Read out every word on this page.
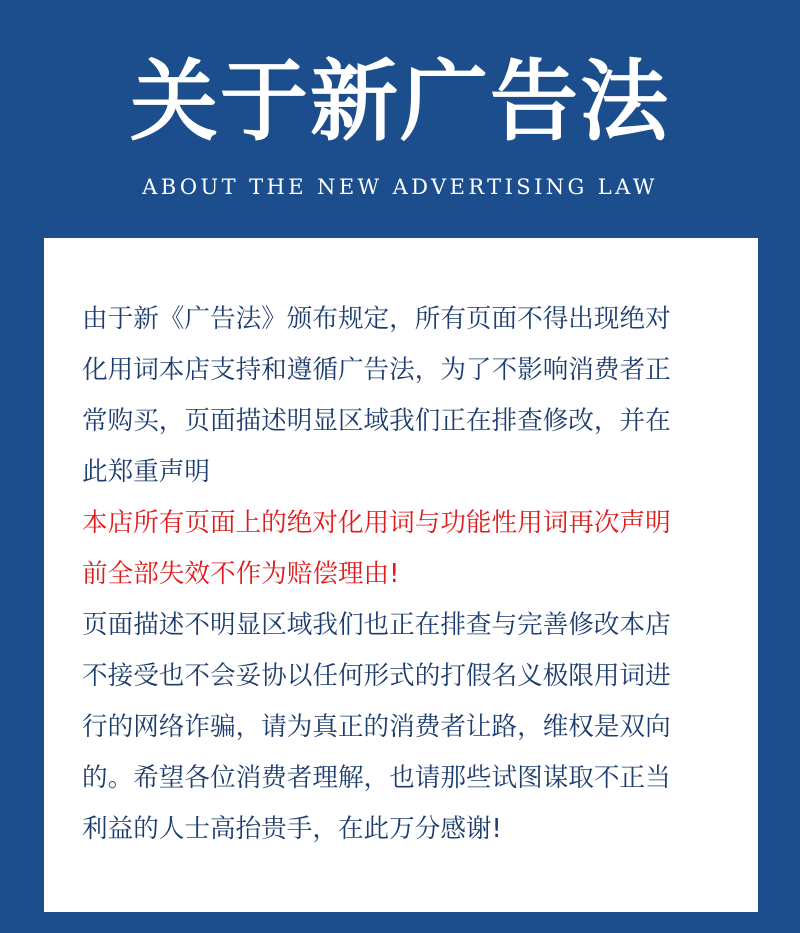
关于新广告法
ABOUT THE NEW ADVERTISING LAW

由于新《广告法》颁布规定，所有页面不得出现绝对
化用词本店支持和遵循广告法，为了不影响消费者正
常购买，页面描述明显区域我们正在排查修改，并在
此郑重声明

本店所有页面上的绝对化用词与功能性用词再次声明
前全部失效不作为赔偿理由!

页面描述不明显区域我们也正在排查与完善修改本店
不接受也不会妥协以任何形式的打假名义极限用词进
行的网络诈骗，请为真正的消费者让路，维权是双向
的。希望各位消费者理解，也请那些试图谋取不正当
利益的人士高抬贵手，在此万分感谢!
